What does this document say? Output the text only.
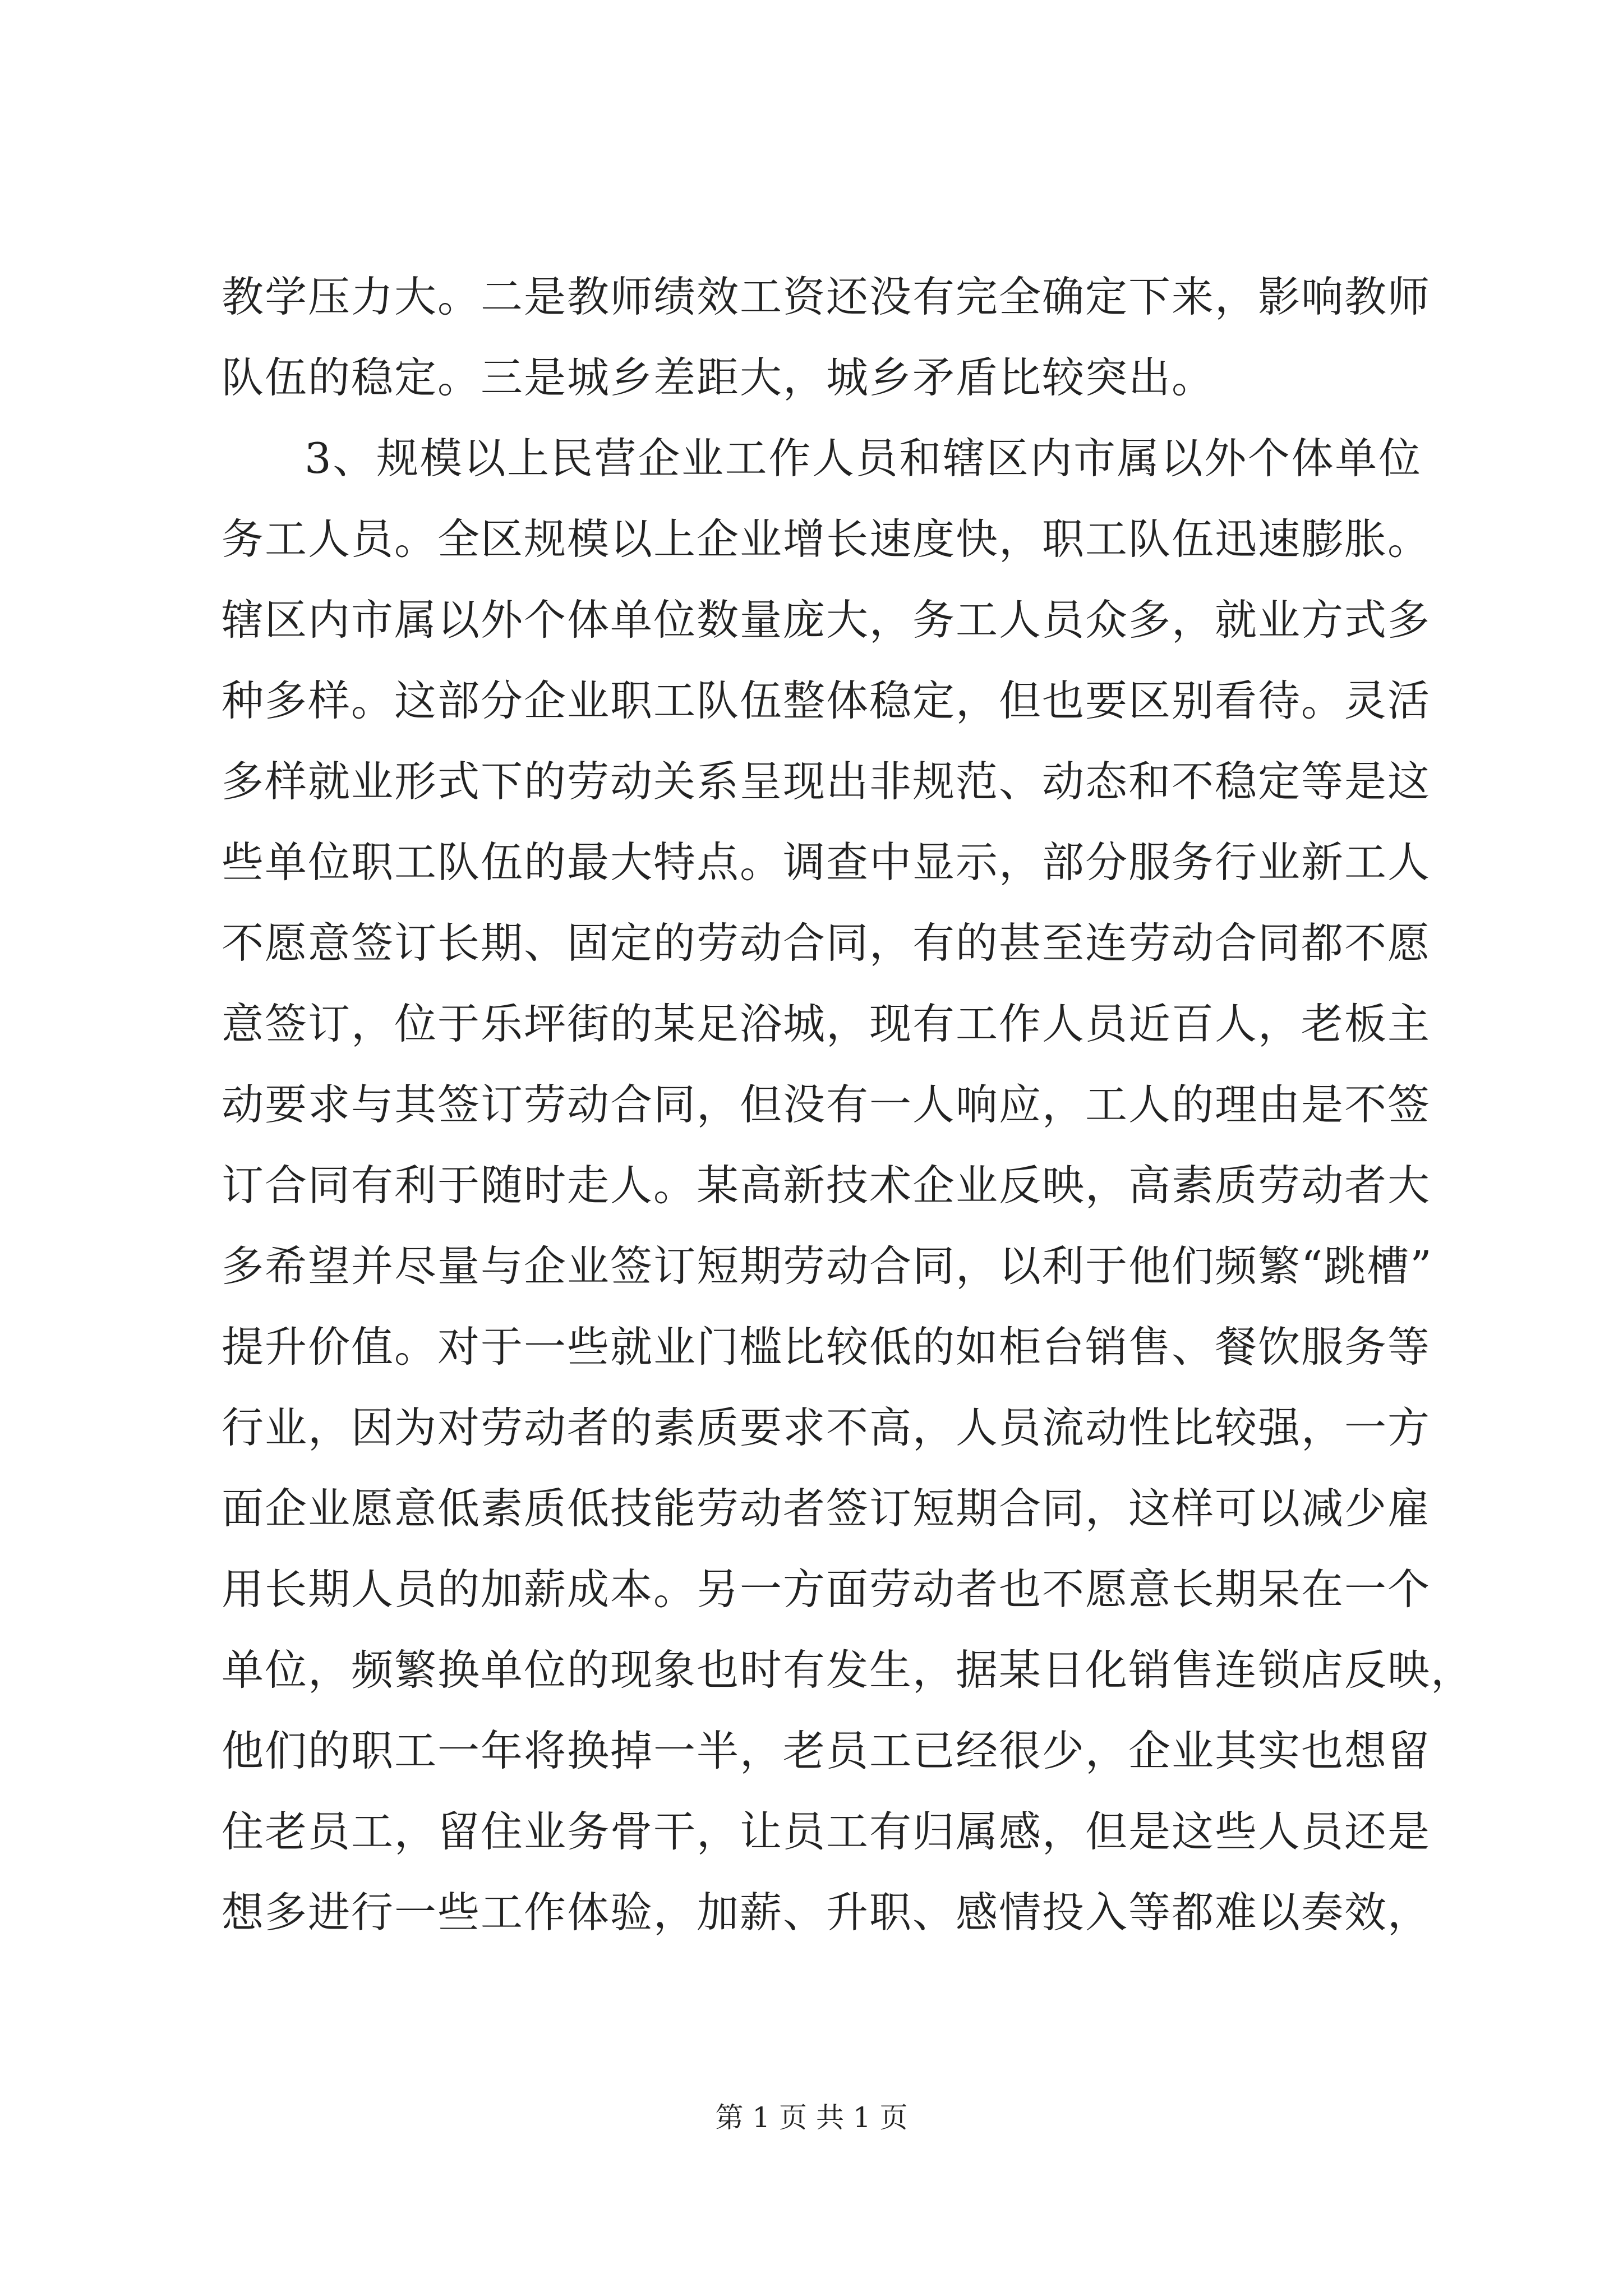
教学压力大。二是教师绩效工资还没有完全确定下来，影响教师
队伍的稳定。三是城乡差距大，城乡矛盾比较突出。
3、规模以上民营企业工作人员和辖区内市属以外个体单位
务工人员。全区规模以上企业增长速度快，职工队伍迅速膨胀。
辖区内市属以外个体单位数量庞大，务工人员众多，就业方式多
种多样。这部分企业职工队伍整体稳定，但也要区别看待。灵活
多样就业形式下的劳动关系呈现出非规范、动态和不稳定等是这
些单位职工队伍的最大特点。调查中显示，部分服务行业新工人
不愿意签订长期、固定的劳动合同，有的甚至连劳动合同都不愿
意签订，位于乐坪街的某足浴城，现有工作人员近百人，老板主
动要求与其签订劳动合同，但没有一人响应，工人的理由是不签
订合同有利于随时走人。某高新技术企业反映，高素质劳动者大
多希望并尽量与企业签订短期劳动合同，以利于他们频繁“跳槽”
提升价值。对于一些就业门槛比较低的如柜台销售、餐饮服务等
行业，因为对劳动者的素质要求不高，人员流动性比较强，一方
面企业愿意低素质低技能劳动者签订短期合同，这样可以减少雇
用长期人员的加薪成本。另一方面劳动者也不愿意长期呆在一个
单位，频繁换单位的现象也时有发生，据某日化销售连锁店反映，
他们的职工一年将换掉一半，老员工已经很少，企业其实也想留
住老员工，留住业务骨干，让员工有归属感，但是这些人员还是
想多进行一些工作体验，加薪、升职、感情投入等都难以奏效，
第 1 页 共 1 页
